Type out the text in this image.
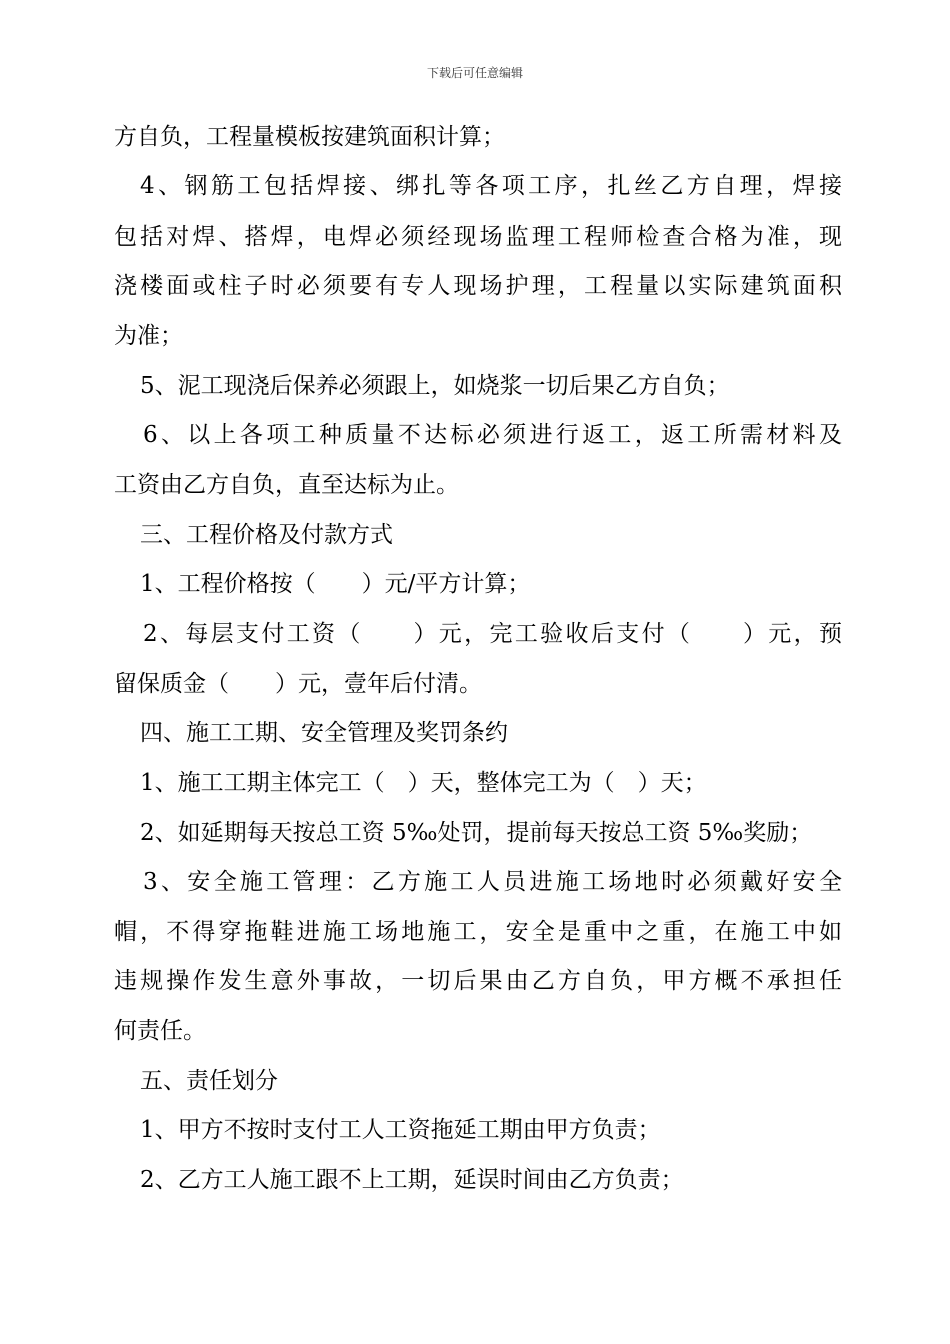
下载后可任意编辑
方自负，工程量模板按建筑面积计算；
4、钢筋工包括焊接、绑扎等各项工序，扎丝乙方自理，焊接
包括对焊、搭焊，电焊必须经现场监理工程师检查合格为准，现
浇楼面或柱子时必须要有专人现场护理，工程量以实际建筑面积
为准；
5、泥工现浇后保养必须跟上，如烧浆一切后果乙方自负；
6、以上各项工种质量不达标必须进行返工，返工所需材料及
工资由乙方自负，直至达标为止。
三、工程价格及付款方式
1、工程价格按（　　）元/平方计算；
2、每层支付工资（　　）元，完工验收后支付（　　）元，预
留保质金（　　）元，壹年后付清。
四、施工工期、安全管理及奖罚条约
1、施工工期主体完工（　）天，整体完工为（　）天；
2、如延期每天按总工资 5‰处罚，提前每天按总工资 5‰奖励；
3、安全施工管理：乙方施工人员进施工场地时必须戴好安全
帽，不得穿拖鞋进施工场地施工，安全是重中之重，在施工中如
违规操作发生意外事故，一切后果由乙方自负，甲方概不承担任
何责任。
五、责任划分
1、甲方不按时支付工人工资拖延工期由甲方负责；
2、乙方工人施工跟不上工期，延误时间由乙方负责；
